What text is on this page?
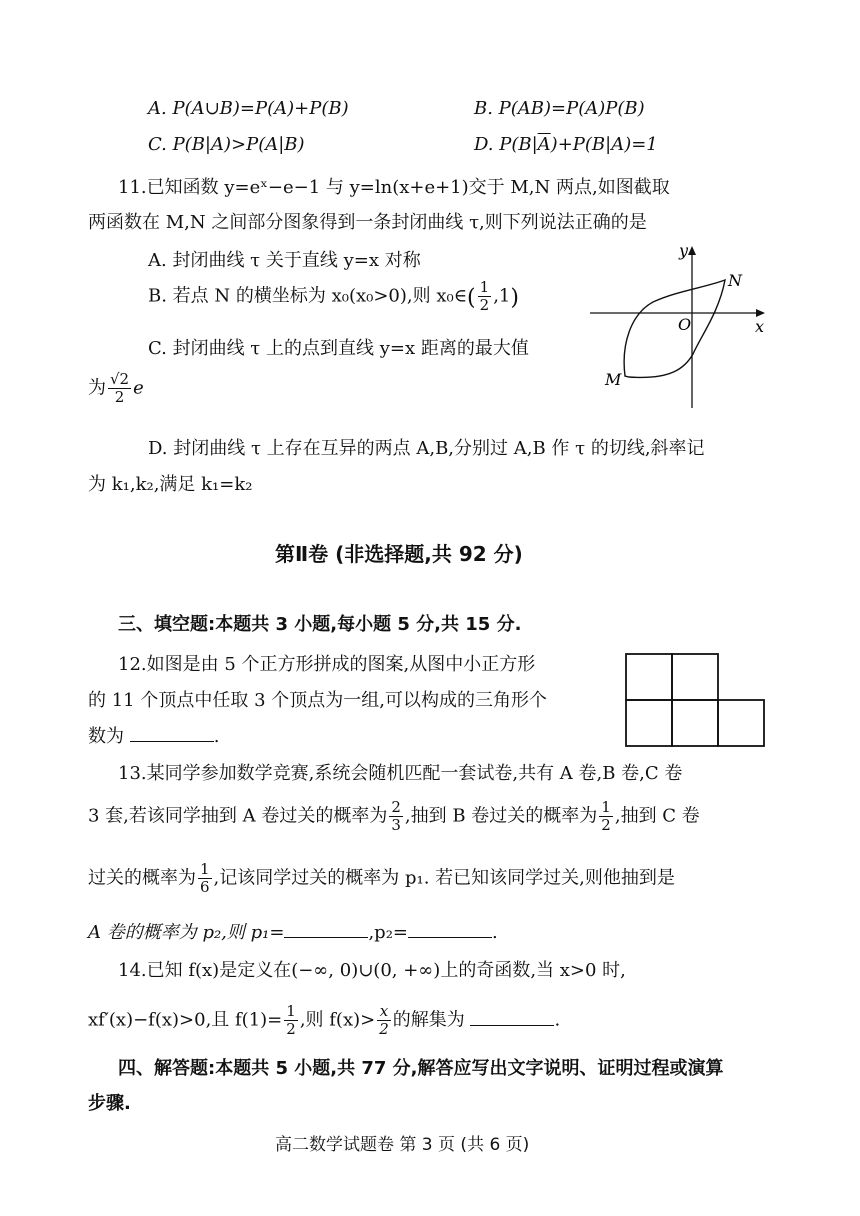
A. P(A∪B)=P(A)+P(B)	B. P(AB)=P(A)P(B)
C. P(B|A)>P(A|B)	D. $P(B|\overline{A})+P(B|A)=1$
11.已知函数 y=eˣ−e−1 与 y=ln(x+e+1)交于 M,N 两点,如图截取
两函数在 M,N 之间部分图象得到一条封闭曲线 τ,则下列说法正确的是
A. 封闭曲线 τ 关于直线 y=x 对称
B. 若点 N 的横坐标为 x₀(x₀>0),则 x₀∈( $\frac{1}{2} ,1$)
C. 封闭曲线 τ 上的点到直线 y=x 距离的最大值
为 $\frac{√2}{2}$ e
D. 封闭曲线 τ 上存在互异的两点 A,B,分别过 A,B 作 τ 的切线,斜率记
为 k₁,k₂,满足 k₁=k₂
y
x
O
N
M
第Ⅱ卷 (非选择题,共 92 分)
三、填空题:本题共 3 小题,每小题 5 分,共 15 分.
12.如图是由 5 个正方形拼成的图案,从图中小正方形
的 11 个顶点中任取 3 个顶点为一组,可以构成的三角形个
数为	.
13.某同学参加数学竞赛,系统会随机匹配一套试卷,共有 A 卷,B 卷,C 卷
3 套,若该同学抽到 A 卷过关的概率为 $\frac{2}{3}$ ,抽到 B 卷过关的概率为 $\frac{1}{2}$ ,抽到 C 卷
过关的概率为 $\frac{1}{6}$ ,记该同学过关的概率为 p₁. 若已知该同学过关,则他抽到是
A 卷的概率为 p₂,则 p₁=	,p₂=	.
14.已知 f(x)是定义在(−∞, 0)∪(0, +∞)上的奇函数,当 x>0 时,
xf′(x)−f(x)>0,且 $f(1)= \frac{1}{2}$ ,则 $f(x)> \frac{x}{2}$ 的解集为	.
四、解答题:本题共 5 小题,共 77 分,解答应写出文字说明、证明过程或演算
步骤.
高二数学试题卷 第 3 页 (共 6 页)
